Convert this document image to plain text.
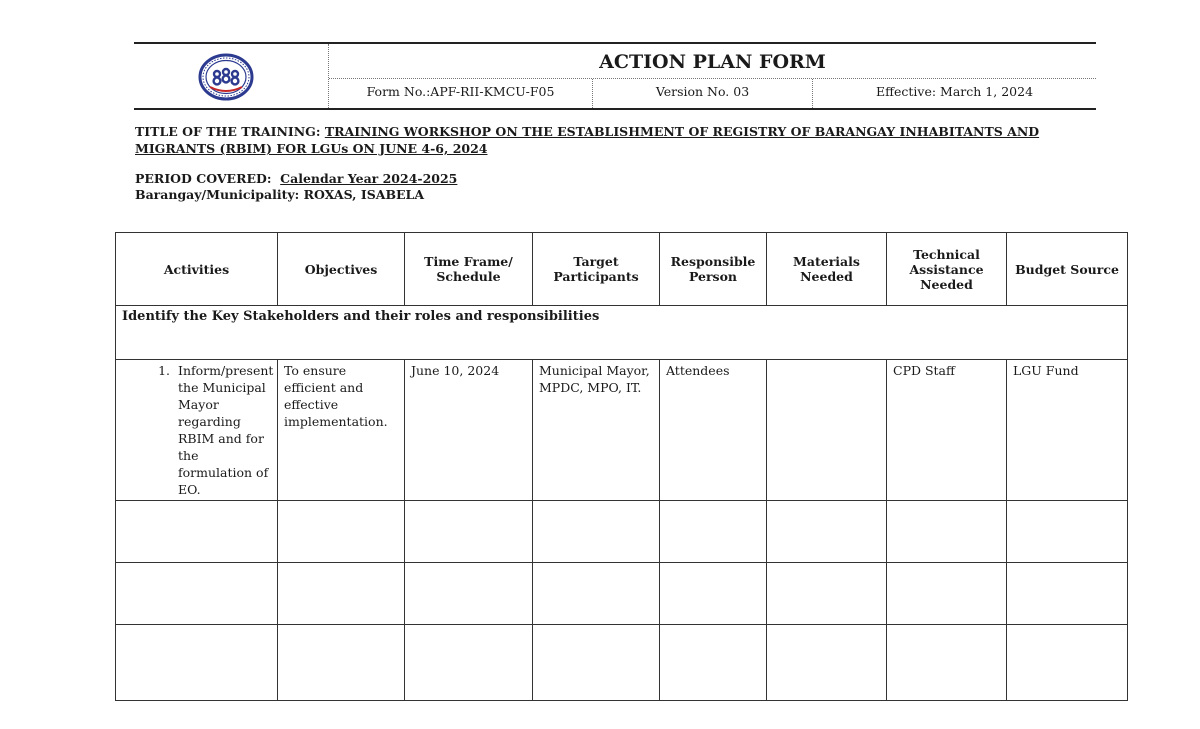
ACTION PLAN FORM
Form No.:APF-RII-KMCU-F05	Version No. 03	Effective: March 1, 2024
TITLE OF THE TRAINING: TRAINING WORKSHOP ON THE ESTABLISHMENT OF REGISTRY OF BARANGAY INHABITANTS AND MIGRANTS (RBIM) FOR LGUs ON JUNE 4-6, 2024
PERIOD COVERED:  Calendar Year 2024-2025
Barangay/Municipality: ROXAS, ISABELA
Activities	Objectives	Time Frame/ Schedule	Target Participants	Responsible Person	Materials Needed	Technical Assistance Needed	Budget Source
Identify the Key Stakeholders and their roles and responsibilities							

1. Inform/present the Municipal Mayor regarding RBIM and for the formulation of EO.	To ensure efficient and effective implementation.	June 10, 2024	Municipal Mayor, MPDC, MPO, IT.	Attendees		CPD Staff	LGU Fund
